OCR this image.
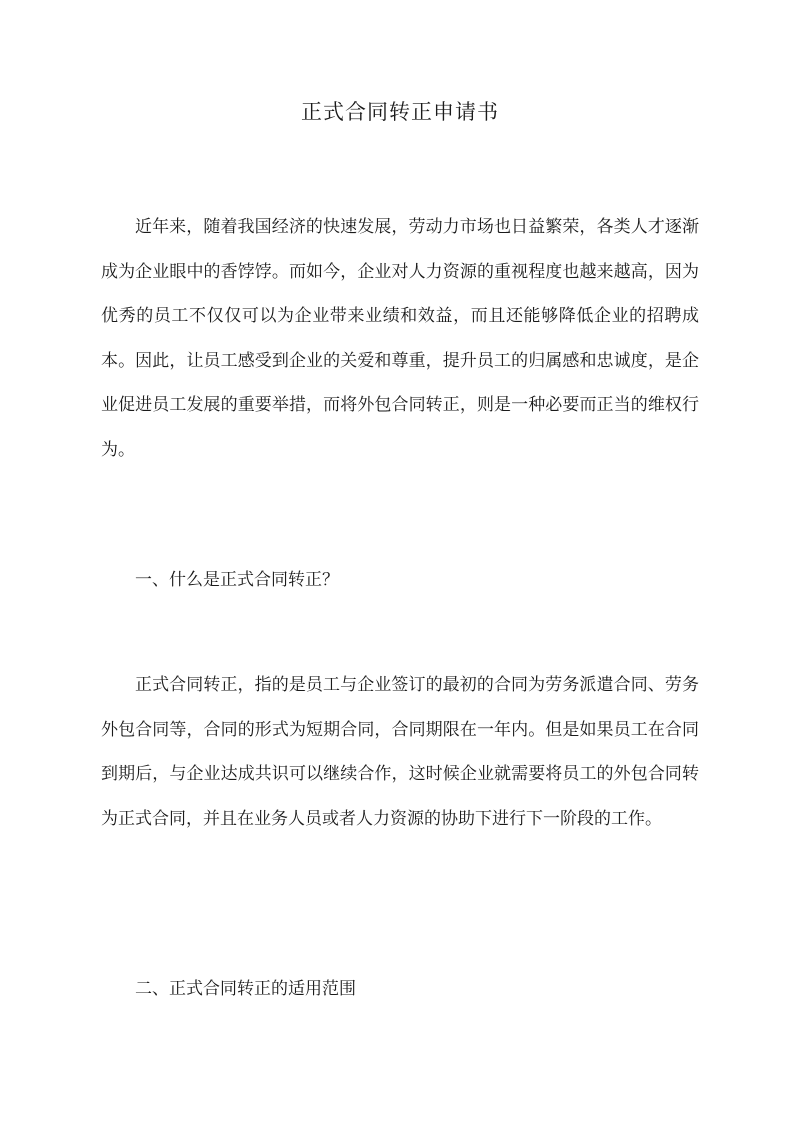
正式合同转正申请书

近年来，随着我国经济的快速发展，劳动力市场也日益繁荣，各类人才逐渐成为企业眼中的香饽饽。而如今，企业对人力资源的重视程度也越来越高，因为优秀的员工不仅仅可以为企业带来业绩和效益，而且还能够降低企业的招聘成本。因此，让员工感受到企业的关爱和尊重，提升员工的归属感和忠诚度，是企业促进员工发展的重要举措，而将外包合同转正，则是一种必要而正当的维权行为。

一、什么是正式合同转正？

正式合同转正，指的是员工与企业签订的最初的合同为劳务派遣合同、劳务外包合同等，合同的形式为短期合同，合同期限在一年内。但是如果员工在合同到期后，与企业达成共识可以继续合作，这时候企业就需要将员工的外包合同转为正式合同，并且在业务人员或者人力资源的协助下进行下一阶段的工作。

二、正式合同转正的适用范围
